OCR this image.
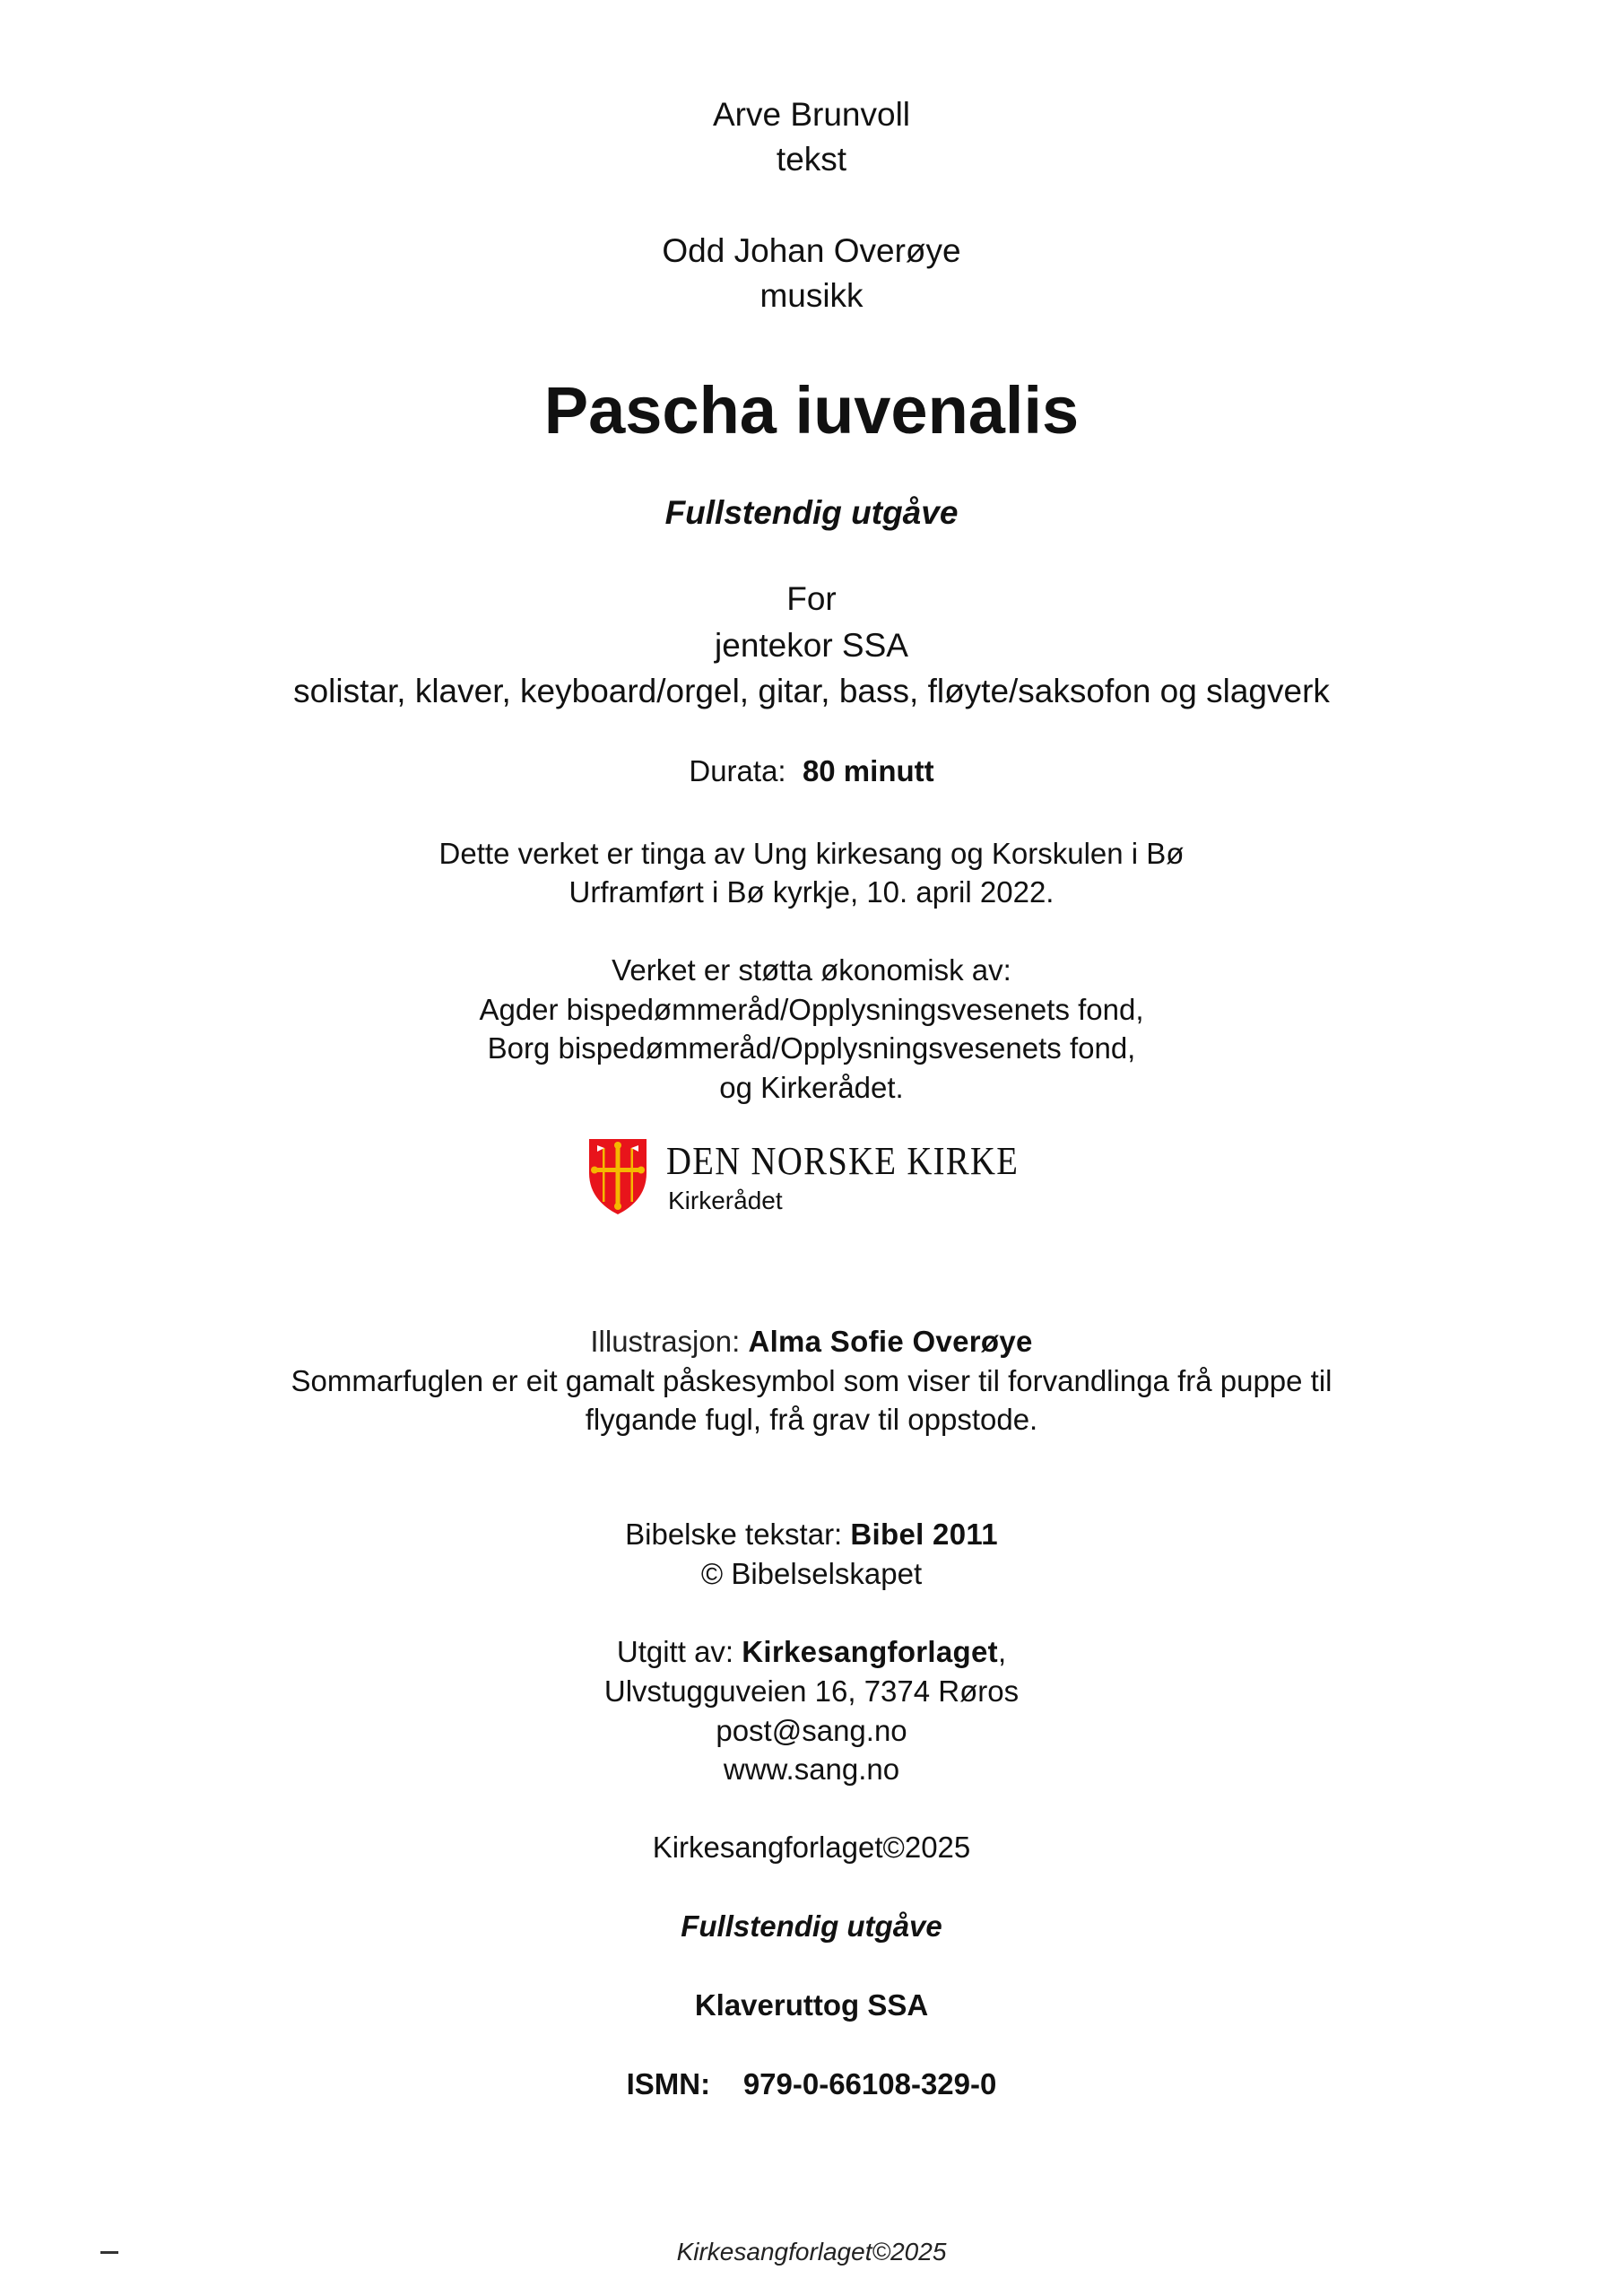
Arve Brunvoll
tekst
Odd Johan Overøye
musikk
Pascha iuvenalis
Fullstendig utgåve
For
jentekor SSA
solistar, klaver, keyboard/orgel, gitar, bass, fløyte/saksofon og slagverk
Durata: 80 minutt
Dette verket er tinga av Ung kirkesang og Korskulen i Bø
Urframført i Bø kyrkje, 10. april 2022.
Verket er støtta økonomisk av:
Agder bispedømmeråd/Opplysningsvesenets fond,
Borg bispedømmeråd/Opplysningsvesenets fond,
og Kirkerådet.
DEN NORSKE KIRKE
Kirkerådet
Illustrasjon: Alma Sofie Overøye
Sommarfuglen er eit gamalt påskesymbol som viser til forvandlinga frå puppe til
flygande fugl, frå grav til oppstode.
Bibelske tekstar: Bibel 2011
© Bibelselskapet
Utgitt av: Kirkesangforlaget,
Ulvstugguveien 16, 7374 Røros
post@sang.no
www.sang.no
Kirkesangforlaget©2025
Fullstendig utgåve
Klaveruttog SSA
ISMN: 979-0-66108-329-0
Kirkesangforlaget©2025
